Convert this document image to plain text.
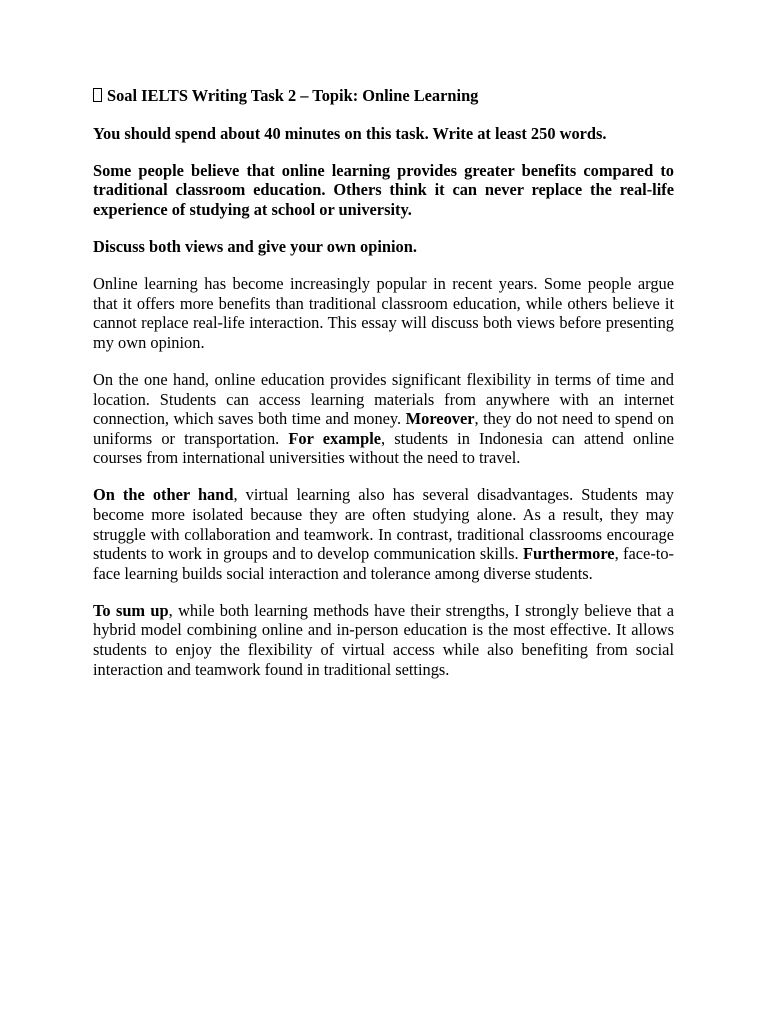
Soal IELTS Writing Task 2 – Topik: Online Learning

You should spend about 40 minutes on this task. Write at least 250 words.

Some people believe that online learning provides greater benefits compared to traditional classroom education. Others think it can never replace the real-life experience of studying at school or university.

Discuss both views and give your own opinion.

Online learning has become increasingly popular in recent years. Some people argue that it offers more benefits than traditional classroom education, while others believe it cannot replace real-life interaction. This essay will discuss both views before presenting my own opinion.

On the one hand, online education provides significant flexibility in terms of time and location. Students can access learning materials from anywhere with an internet connection, which saves both time and money. Moreover, they do not need to spend on uniforms or transportation. For example, students in Indonesia can attend online courses from international universities without the need to travel.

On the other hand, virtual learning also has several disadvantages. Students may become more isolated because they are often studying alone. As a result, they may struggle with collaboration and teamwork. In contrast, traditional classrooms encourage students to work in groups and to develop communication skills. Furthermore, face-to-face learning builds social interaction and tolerance among diverse students.

To sum up, while both learning methods have their strengths, I strongly believe that a hybrid model combining online and in-person education is the most effective. It allows students to enjoy the flexibility of virtual access while also benefiting from social interaction and teamwork found in traditional settings.
